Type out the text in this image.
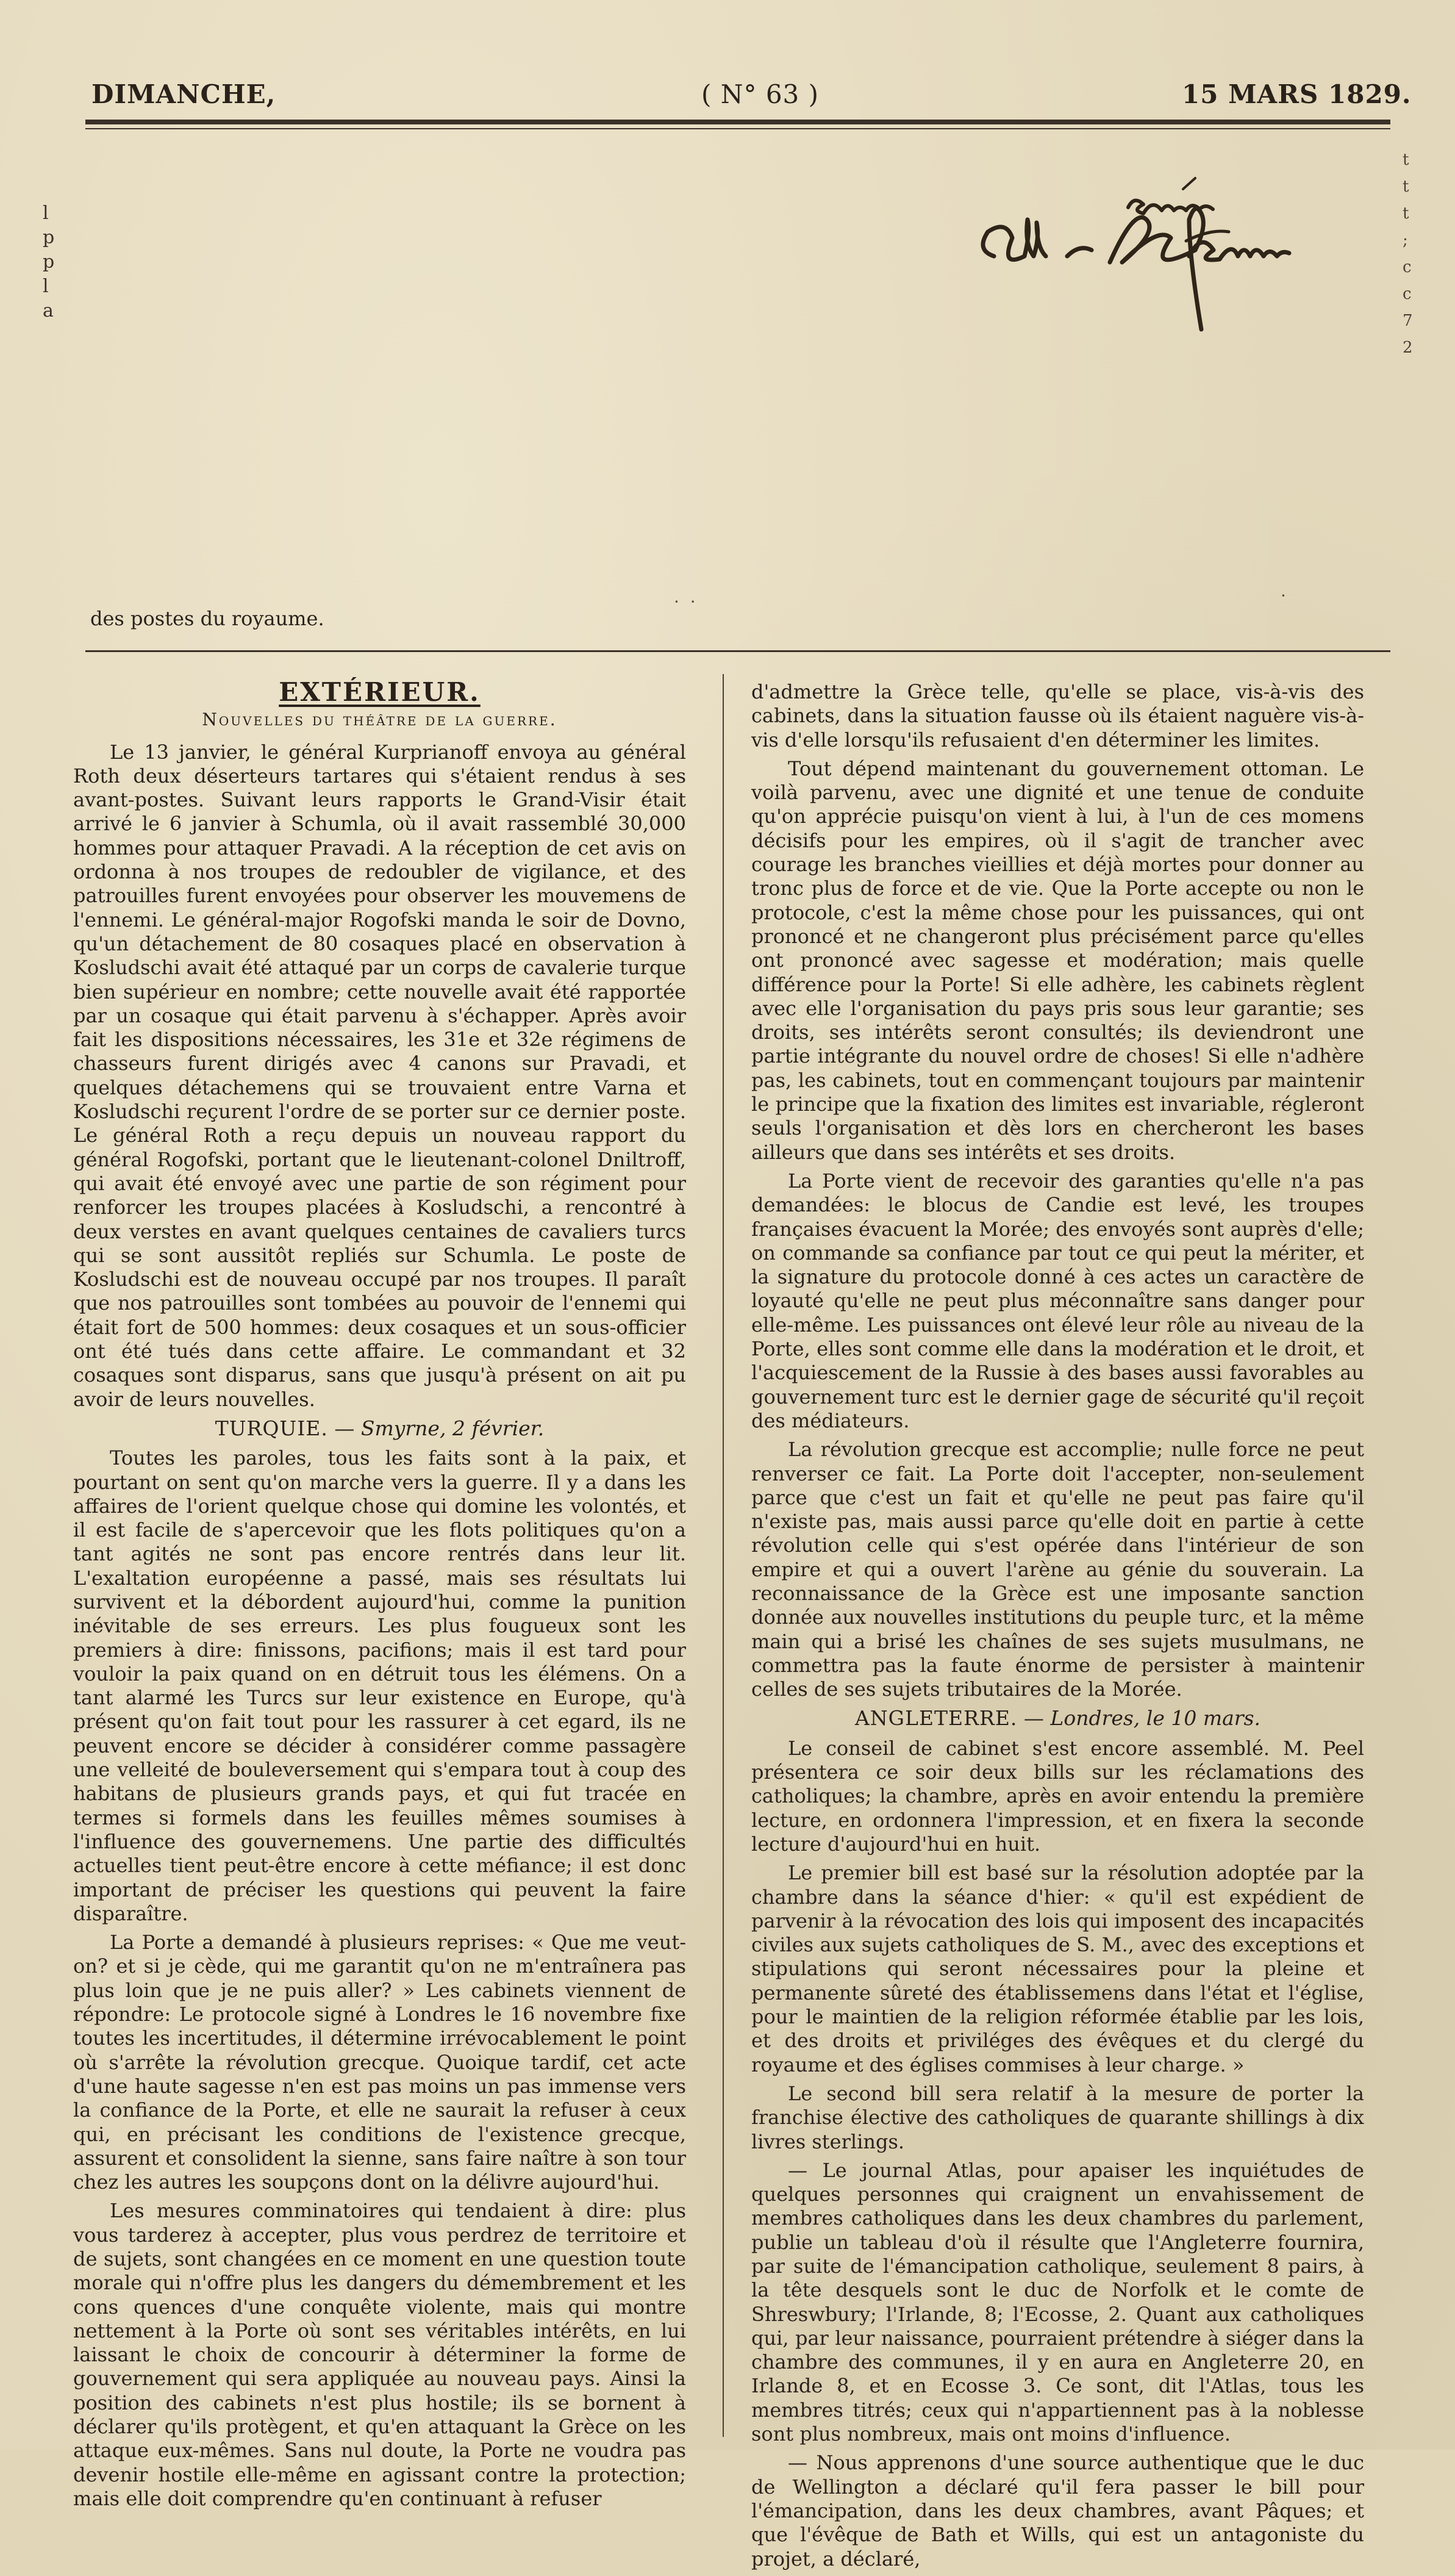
DIMANCHE,	( N° 63 )	15 MARS 1829.
l
p
p
l
a
t
t
t
;
c
c
7
2
des postes du royaume.
·  ·	·
EXTÉRIEUR.
Nouvelles du théâtre de la guerre.

Le 13 janvier, le général Kurprianoff envoya au général Roth deux déserteurs tartares qui s'étaient rendus à ses avant-postes. Suivant leurs rapports le Grand-Visir était arrivé le 6 janvier à Schumla, où il avait rassemblé 30,000 hommes pour attaquer Pravadi. A la réception de cet avis on ordonna à nos troupes de redoubler de vigilance, et des patrouilles furent envoyées pour observer les mouvemens de l'ennemi. Le général-major Rogofski manda le soir de Dovno, qu'un détachement de 80 cosaques placé en observation à Kosludschi avait été attaqué par un corps de cavalerie turque bien supérieur en nombre; cette nouvelle avait été rapportée par un cosaque qui était parvenu à s'échapper. Après avoir fait les dispositions nécessaires, les 31e et 32e régimens de chasseurs furent dirigés avec 4 canons sur Pravadi, et quelques détachemens qui se trouvaient entre Varna et Kosludschi reçurent l'ordre de se porter sur ce dernier poste. Le général Roth a reçu depuis un nouveau rapport du général Rogofski, portant que le lieutenant-colonel Dniltroff, qui avait été envoyé avec une partie de son régiment pour renforcer les troupes placées à Kosludschi, a rencontré à deux verstes en avant quelques centaines de cavaliers turcs qui se sont aussitôt repliés sur Schumla. Le poste de Kosludschi est de nouveau occupé par nos troupes. Il paraît que nos patrouilles sont tombées au pouvoir de l'ennemi qui était fort de 500 hommes: deux cosaques et un sous-officier ont été tués dans cette affaire. Le commandant et 32 cosaques sont disparus, sans que jusqu'à présent on ait pu avoir de leurs nouvelles.

TURQUIE. — Smyrne, 2 février.

Toutes les paroles, tous les faits sont à la paix, et pourtant on sent qu'on marche vers la guerre. Il y a dans les affaires de l'orient quelque chose qui domine les volontés, et il est facile de s'apercevoir que les flots politiques qu'on a tant agités ne sont pas encore rentrés dans leur lit. L'exaltation européenne a passé, mais ses résultats lui survivent et la débordent aujourd'hui, comme la punition inévitable de ses erreurs. Les plus fougueux sont les premiers à dire: finissons, pacifions; mais il est tard pour vouloir la paix quand on en détruit tous les élémens. On a tant alarmé les Turcs sur leur existence en Europe, qu'à présent qu'on fait tout pour les rassurer à cet egard, ils ne peuvent encore se décider à considérer comme passagère une velleité de bouleversement qui s'empara tout à coup des habitans de plusieurs grands pays, et qui fut tracée en termes si formels dans les feuilles mêmes soumises à l'influence des gouvernemens. Une partie des difficultés actuelles tient peut-être encore à cette méfiance; il est donc important de préciser les questions qui peuvent la faire disparaître.

La Porte a demandé à plusieurs reprises: « Que me veut-on? et si je cède, qui me garantit qu'on ne m'entraînera pas plus loin que je ne puis aller? » Les cabinets viennent de répondre: Le protocole signé à Londres le 16 novembre fixe toutes les incertitudes, il détermine irrévocablement le point où s'arrête la révolution grecque. Quoique tardif, cet acte d'une haute sagesse n'en est pas moins un pas immense vers la confiance de la Porte, et elle ne saurait la refuser à ceux qui, en précisant les conditions de l'existence grecque, assurent et consolident la sienne, sans faire naître à son tour chez les autres les soupçons dont on la délivre aujourd'hui.

Les mesures comminatoires qui tendaient à dire: plus vous tarderez à accepter, plus vous perdrez de territoire et de sujets, sont changées en ce moment en une question toute morale qui n'offre plus les dangers du démembrement et les cons quences d'une conquête violente, mais qui montre nettement à la Porte où sont ses véritables intérêts, en lui laissant le choix de concourir à déterminer la forme de gouvernement qui sera appliquée au nouveau pays. Ainsi la position des cabinets n'est plus hostile; ils se bornent à déclarer qu'ils protègent, et qu'en attaquant la Grèce on les attaque eux-mêmes. Sans nul doute, la Porte ne voudra pas devenir hostile elle-même en agissant contre la protection; mais elle doit comprendre qu'en continuant à refuser

d'admettre la Grèce telle, qu'elle se place, vis-à-vis des cabinets, dans la situation fausse où ils étaient naguère vis-à-vis d'elle lorsqu'ils refusaient d'en déterminer les limites.

Tout dépend maintenant du gouvernement ottoman. Le voilà parvenu, avec une dignité et une tenue de conduite qu'on apprécie puisqu'on vient à lui, à l'un de ces momens décisifs pour les empires, où il s'agit de trancher avec courage les branches vieillies et déjà mortes pour donner au tronc plus de force et de vie. Que la Porte accepte ou non le protocole, c'est la même chose pour les puissances, qui ont prononcé et ne changeront plus précisément parce qu'elles ont prononcé avec sagesse et modération; mais quelle différence pour la Porte! Si elle adhère, les cabinets règlent avec elle l'organisation du pays pris sous leur garantie; ses droits, ses intérêts seront consultés; ils deviendront une partie intégrante du nouvel ordre de choses! Si elle n'adhère pas, les cabinets, tout en commençant toujours par maintenir le principe que la fixation des limites est invariable, régleront seuls l'organisation et dès lors en chercheront les bases ailleurs que dans ses intérêts et ses droits.

La Porte vient de recevoir des garanties qu'elle n'a pas demandées: le blocus de Candie est levé, les troupes françaises évacuent la Morée; des envoyés sont auprès d'elle; on commande sa confiance par tout ce qui peut la mériter, et la signature du protocole donné à ces actes un caractère de loyauté qu'elle ne peut plus méconnaître sans danger pour elle-même. Les puissances ont élevé leur rôle au niveau de la Porte, elles sont comme elle dans la modération et le droit, et l'acquiescement de la Russie à des bases aussi favorables au gouvernement turc est le dernier gage de sécurité qu'il reçoit des médiateurs.

La révolution grecque est accomplie; nulle force ne peut renverser ce fait. La Porte doit l'accepter, non-seulement parce que c'est un fait et qu'elle ne peut pas faire qu'il n'existe pas, mais aussi parce qu'elle doit en partie à cette révolution celle qui s'est opérée dans l'intérieur de son empire et qui a ouvert l'arène au génie du souverain. La reconnaissance de la Grèce est une imposante sanction donnée aux nouvelles institutions du peuple turc, et la même main qui a brisé les chaînes de ses sujets musulmans, ne commettra pas la faute énorme de persister à maintenir celles de ses sujets tributaires de la Morée.

ANGLETERRE. — Londres, le 10 mars.

Le conseil de cabinet s'est encore assemblé. M. Peel présentera ce soir deux bills sur les réclamations des catholiques; la chambre, après en avoir entendu la première lecture, en ordonnera l'impression, et en fixera la seconde lecture d'aujourd'hui en huit.

Le premier bill est basé sur la résolution adoptée par la chambre dans la séance d'hier: « qu'il est expédient de parvenir à la révocation des lois qui imposent des incapacités civiles aux sujets catholiques de S. M., avec des exceptions et stipulations qui seront nécessaires pour la pleine et permanente sûreté des établissemens dans l'état et l'église, pour le maintien de la religion réformée établie par les lois, et des droits et priviléges des évêques et du clergé du royaume et des églises commises à leur charge. »

Le second bill sera relatif à la mesure de porter la franchise élective des catholiques de quarante shillings à dix livres sterlings.

— Le journal Atlas, pour apaiser les inquiétudes de quelques personnes qui craignent un envahissement de membres catholiques dans les deux chambres du parlement, publie un tableau d'où il résulte que l'Angleterre fournira, par suite de l'émancipation catholique, seulement 8 pairs, à la tête desquels sont le duc de Norfolk et le comte de Shreswbury; l'Irlande, 8; l'Ecosse, 2. Quant aux catholiques qui, par leur naissance, pourraient prétendre à siéger dans la chambre des communes, il y en aura en Angleterre 20, en Irlande 8, et en Ecosse 3. Ce sont, dit l'Atlas, tous les membres titrés; ceux qui n'appartiennent pas à la noblesse sont plus nombreux, mais ont moins d'influence.

— Nous apprenons d'une source authentique que le duc de Wellington a déclaré qu'il fera passer le bill pour l'émancipation, dans les deux chambres, avant Pâques; et que l'évêque de Bath et Wills, qui est un antagoniste du projet, a déclaré,
